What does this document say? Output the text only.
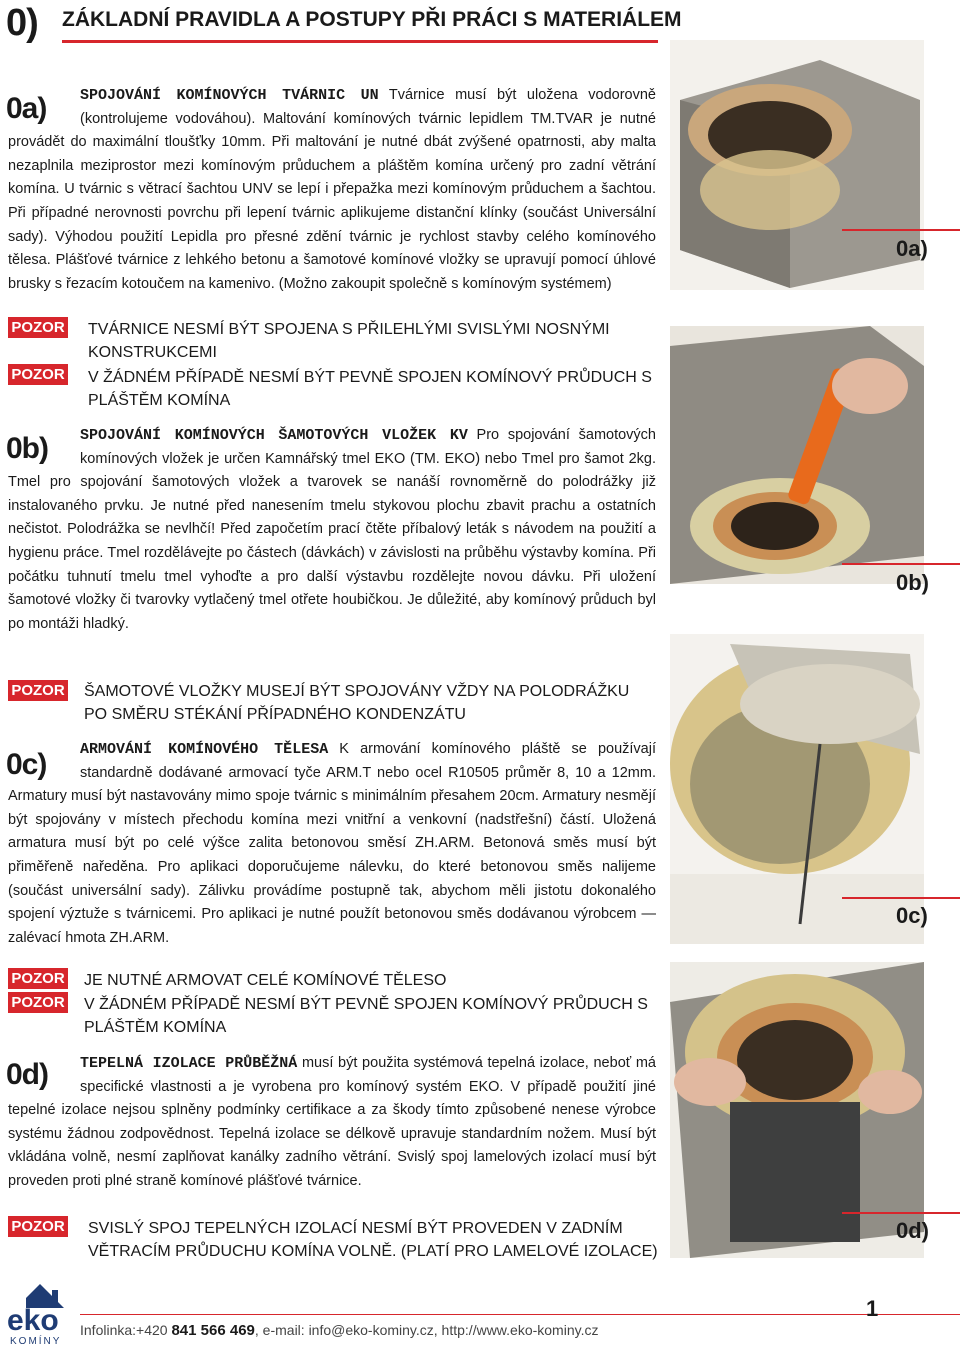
0) ZÁKLADNÍ PRAVIDLA A POSTUPY PŘI PRÁCI S MATERIÁLEM
0a)	SPOJOVÁNÍ KOMÍNOVÝCH TVÁRNIC UN Tvárnice musí být uložena vodorovně (kontrolujeme vodováhou). Maltování komínových tvárnic lepidlem TM.TVAR je nutné provádět do maximální tloušťky 10mm. Při maltování je nutné dbát zvýšené opatrnosti, aby malta nezaplnila meziprostor mezi komínovým průduchem a pláštěm komína určený pro zadní větrání komína. U tvárnic s větrací šachtou UNV se lepí i přepažka mezi komínovým průduchem a šachtou. Při případné nerovnosti povrchu při lepení tvárnic aplikujeme distanční klínky (součást Universální sady). Výhodou použití Lepidla pro přesné zdění tvárnic je rychlost stavby celého komínového tělesa. Plášťové tvárnice z lehkého betonu a šamotové komínové vložky se upravují pomocí úhlové brusky s řezacím kotoučem na kamenivo. (Možno zakoupit společně s komínovým systémem)
POZOR TVÁRNICE NESMÍ BÝT SPOJENA S PŘILEHLÝMI SVISLÝMI NOSNÝMI KONSTRUKCEMI
POZOR V ŽÁDNÉM PŘÍPADĚ NESMÍ BÝT PEVNĚ SPOJEN KOMÍNOVÝ PRŮDUCH S PLÁŠTĚM KOMÍNA
0b)	SPOJOVÁNÍ KOMÍNOVÝCH ŠAMOTOVÝCH VLOŽEK KV Pro spojování šamotových komínových vložek je určen Kamnářský tmel EKO (TM. EKO) nebo Tmel pro šamot 2kg. Tmel pro spojování šamotových vložek a tvarovek se nanáší rovnoměrně do polodrážky již instalovaného prvku. Je nutné před nanesením tmelu stykovou plochu zbavit prachu a ostatních nečistot. Polodrážka se nevlhčí! Před započetím prací čtěte příbalový leták s návodem na použití a hygienu práce. Tmel rozdělávejte po částech (dávkách) v závislosti na průběhu výstavby komína. Při počátku tuhnutí tmelu tmel vyhoďte a pro další výstavbu rozdělejte novou dávku. Při uložení šamotové vložky či tvarovky vytlačený tmel otřete houbičkou. Je důležité, aby komínový průduch byl po montáži hladký.
POZOR ŠAMOTOVÉ VLOŽKY MUSEJÍ BÝT SPOJOVÁNY VŽDY NA POLODRÁŽKU PO SMĚRU STÉKÁNÍ PŘÍPADNÉHO KONDENZÁTU
0c)	ARMOVÁNÍ KOMÍNOVÉHO TĚLESA K armování komínového pláště se používají standardně dodávané armovací tyče ARM.T nebo ocel R10505 průměr 8, 10 a 12mm. Armatury musí být nastavovány mimo spoje tvárnic s minimálním přesahem 20cm. Armatury nesmějí být spojovány v místech přechodu komína mezi vnitřní a venkovní (nadstřešní) částí. Uložená armatura musí být po celé výšce zalita betonovou směsí ZH.ARM. Betonová směs musí být přiměřeně naředěna. Pro aplikaci doporučujeme nálevku, do které betonovou směs nalijeme (součást universální sady). Zálivku provádíme postupně tak, abychom měli jistotu dokonalého spojení výztuže s tvárnicemi. Pro aplikaci je nutné použít betonovou směs dodávanou výrobcem — zalévací hmota ZH.ARM.
POZOR JE NUTNÉ ARMOVAT CELÉ KOMÍNOVÉ TĚLESO
POZOR V ŽÁDNÉM PŘÍPADĚ NESMÍ BÝT PEVNĚ SPOJEN KOMÍNOVÝ PRŮDUCH S PLÁŠTĚM KOMÍNA
0d)	TEPELNÁ IZOLACE PRŮBĚŽNÁ musí být použita systémová tepelná izolace, neboť má specifické vlastnosti a je vyrobena pro komínový systém EKO. V případě použití jiné tepelné izolace nejsou splněny podmínky certifikace a za škody tímto způsobené nenese výrobce systému žádnou zodpovědnost. Tepelná izolace se délkově upravuje standardním nožem. Musí být vkládána volně, nesmí zaplňovat kanálky zadního větrání. Svislý spoj lamelových izolací musí být proveden proti plné straně komínové plášťové tvárnice.
POZOR SVISLÝ SPOJ TEPELNÝCH IZOLACÍ NESMÍ BÝT PROVEDEN V ZADNÍM VĚTRACÍM PRŮDUCHU KOMÍNA VOLNĚ. (PLATÍ PRO LAMELOVÉ IZOLACE)
0a)
0b)
0c)
0d)
eko
KOMÍNY
Infolinka:+420 841 566 469, e-mail: info@eko-kominy.cz, http://www.eko-kominy.cz
1
